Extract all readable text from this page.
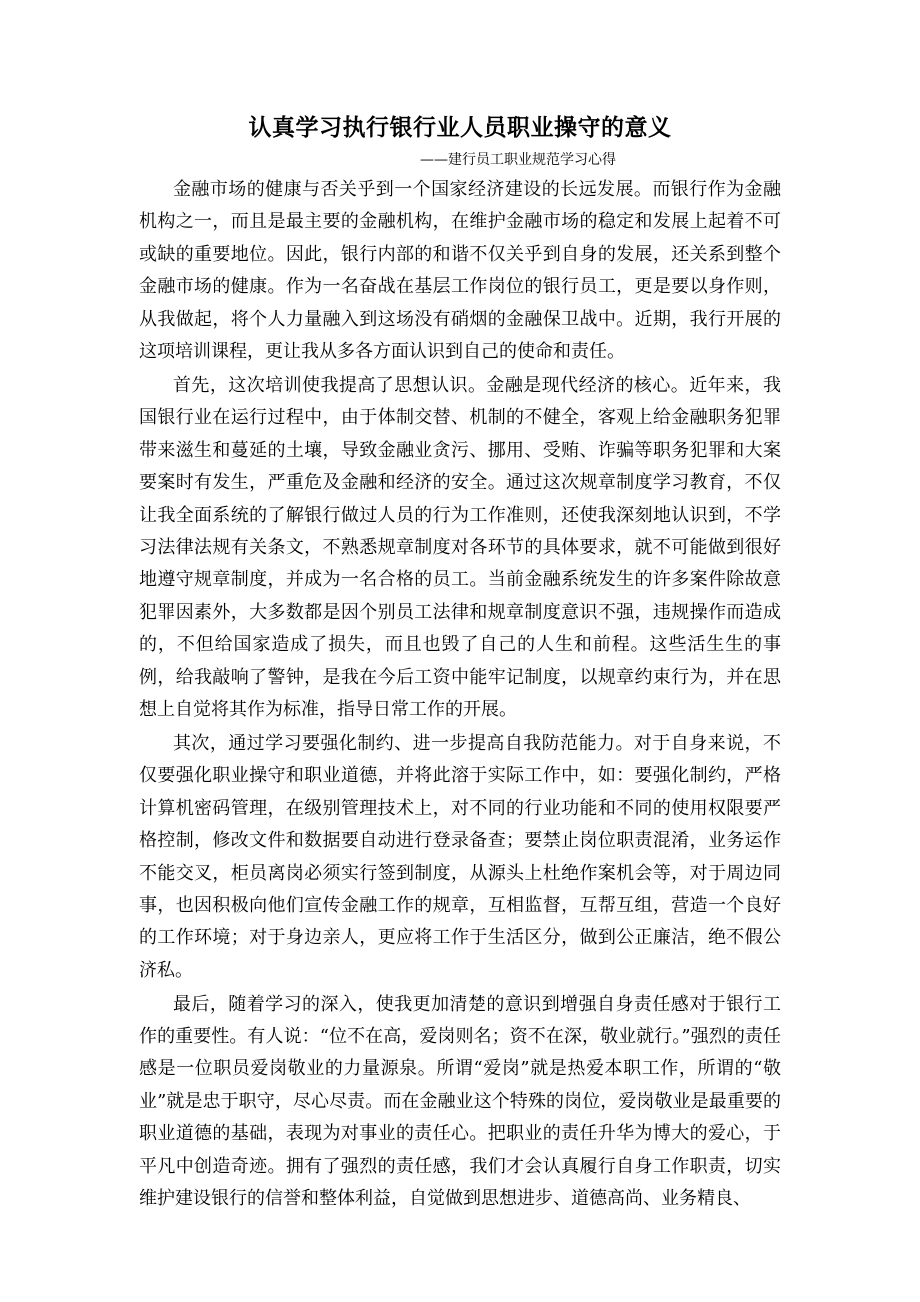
认真学习执行银行业人员职业操守的意义
——建行员工职业规范学习心得

金融市场的健康与否关乎到一个国家经济建设的长远发展。而银行作为金融机构之一，而且是最主要的金融机构，在维护金融市场的稳定和发展上起着不可或缺的重要地位。因此，银行内部的和谐不仅关乎到自身的发展，还关系到整个金融市场的健康。作为一名奋战在基层工作岗位的银行员工，更是要以身作则，从我做起，将个人力量融入到这场没有硝烟的金融保卫战中。近期，我行开展的这项培训课程，更让我从多各方面认识到自己的使命和责任。

首先，这次培训使我提高了思想认识。金融是现代经济的核心。近年来，我国银行业在运行过程中，由于体制交替、机制的不健全，客观上给金融职务犯罪带来滋生和蔓延的土壤，导致金融业贪污、挪用、受贿、诈骗等职务犯罪和大案要案时有发生，严重危及金融和经济的安全。通过这次规章制度学习教育，不仅让我全面系统的了解银行做过人员的行为工作准则，还使我深刻地认识到，不学习法律法规有关条文，不熟悉规章制度对各环节的具体要求，就不可能做到很好地遵守规章制度，并成为一名合格的员工。当前金融系统发生的许多案件除故意犯罪因素外，大多数都是因个别员工法律和规章制度意识不强，违规操作而造成的，不但给国家造成了损失，而且也毁了自己的人生和前程。这些活生生的事例，给我敲响了警钟，是我在今后工资中能牢记制度，以规章约束行为，并在思想上自觉将其作为标准，指导日常工作的开展。

其次，通过学习要强化制约、进一步提高自我防范能力。对于自身来说，不仅要强化职业操守和职业道德，并将此溶于实际工作中，如：要强化制约，严格计算机密码管理，在级别管理技术上，对不同的行业功能和不同的使用权限要严格控制，修改文件和数据要自动进行登录备查；要禁止岗位职责混淆，业务运作不能交叉，柜员离岗必须实行签到制度，从源头上杜绝作案机会等，对于周边同事，也因积极向他们宣传金融工作的规章，互相监督，互帮互组，营造一个良好的工作环境；对于身边亲人，更应将工作于生活区分，做到公正廉洁，绝不假公济私。

最后，随着学习的深入，使我更加清楚的意识到增强自身责任感对于银行工作的重要性。有人说：“位不在高，爱岗则名；资不在深，敬业就行。”强烈的责任感是一位职员爱岗敬业的力量源泉。所谓“爱岗”就是热爱本职工作，所谓的“敬业”就是忠于职守，尽心尽责。而在金融业这个特殊的岗位，爱岗敬业是最重要的职业道德的基础，表现为对事业的责任心。把职业的责任升华为博大的爱心，于平凡中创造奇迹。拥有了强烈的责任感，我们才会认真履行自身工作职责，切实维护建设银行的信誉和整体利益，自觉做到思想进步、道德高尚、业务精良、
